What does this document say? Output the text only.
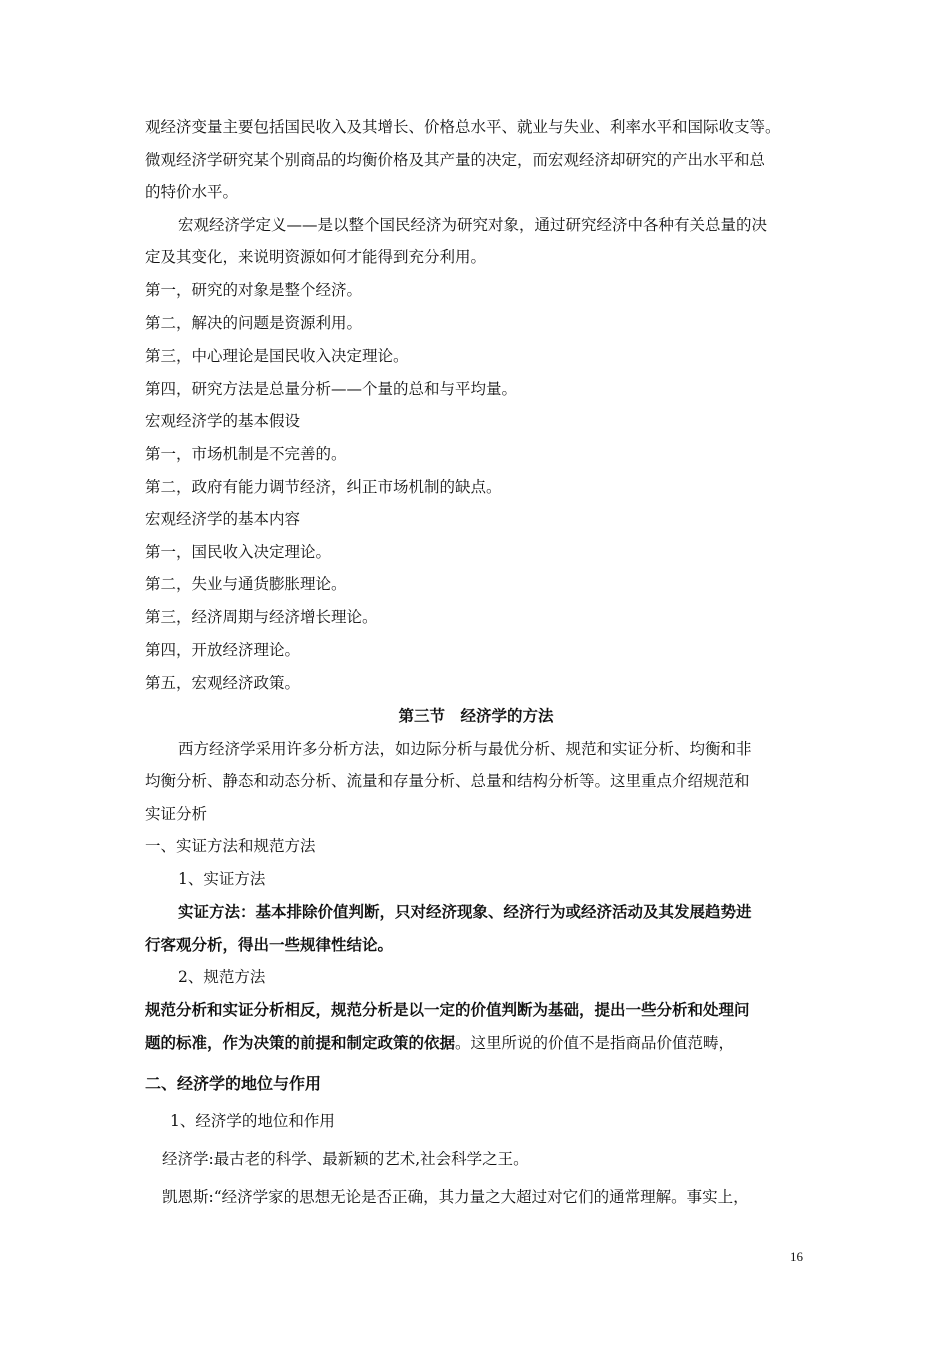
观经济变量主要包括国民收入及其增长、价格总水平、就业与失业、利率水平和国际收支等。
微观经济学研究某个别商品的均衡价格及其产量的决定，而宏观经济却研究的产出水平和总
的特价水平。
宏观经济学定义——是以整个国民经济为研究对象，通过研究经济中各种有关总量的决
定及其变化，来说明资源如何才能得到充分利用。
第一，研究的对象是整个经济。
第二，解决的问题是资源利用。
第三，中心理论是国民收入决定理论。
第四，研究方法是总量分析——个量的总和与平均量。
宏观经济学的基本假设
第一，市场机制是不完善的。
第二，政府有能力调节经济，纠正市场机制的缺点。
宏观经济学的基本内容
第一，国民收入决定理论。
第二，失业与通货膨胀理论。
第三，经济周期与经济增长理论。
第四，开放经济理论。
第五，宏观经济政策。
第三节　经济学的方法
西方经济学采用许多分析方法，如边际分析与最优分析、规范和实证分析、均衡和非
均衡分析、静态和动态分析、流量和存量分析、总量和结构分析等。这里重点介绍规范和
实证分析
一、实证方法和规范方法
1、实证方法
实证方法：基本排除价值判断，只对经济现象、经济行为或经济活动及其发展趋势进
行客观分析，得出一些规律性结论。
2、规范方法
规范分析和实证分析相反，规范分析是以一定的价值判断为基础，提出一些分析和处理问
题的标准，作为决策的前提和制定政策的依据。这里所说的价值不是指商品价值范畴，
二、经济学的地位与作用
1、经济学的地位和作用
经济学:最古老的科学、最新颖的艺术,社会科学之王。
凯恩斯:“经济学家的思想无论是否正确，其力量之大超过对它们的通常理解。事实上，
16
